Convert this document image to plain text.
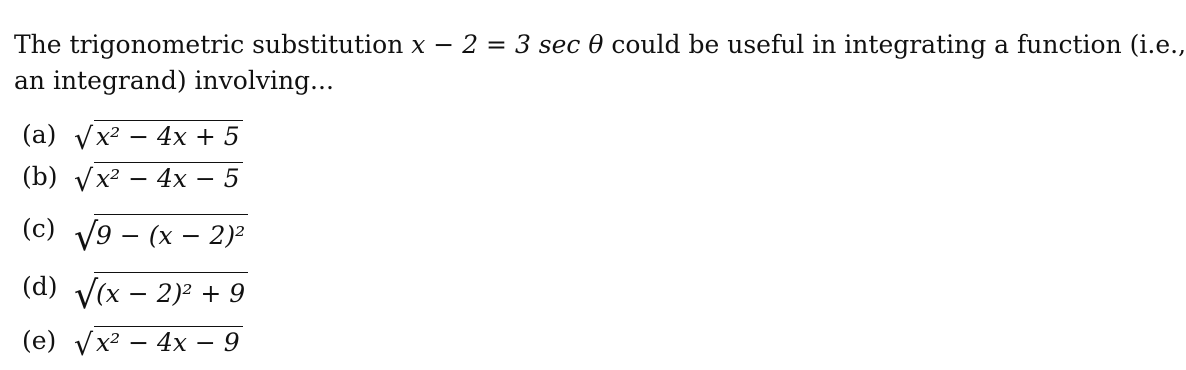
The trigonometric substitution x − 2 = 3 sec θ could be useful in integrating a function (i.e.,
an integrand) involving...
(a) √ x² − 4x + 5
(b) √ x² − 4x − 5
(c) √
9 − (x − 2)²
(d) √
(x − 2)² + 9
(e) √ x² − 4x − 9
